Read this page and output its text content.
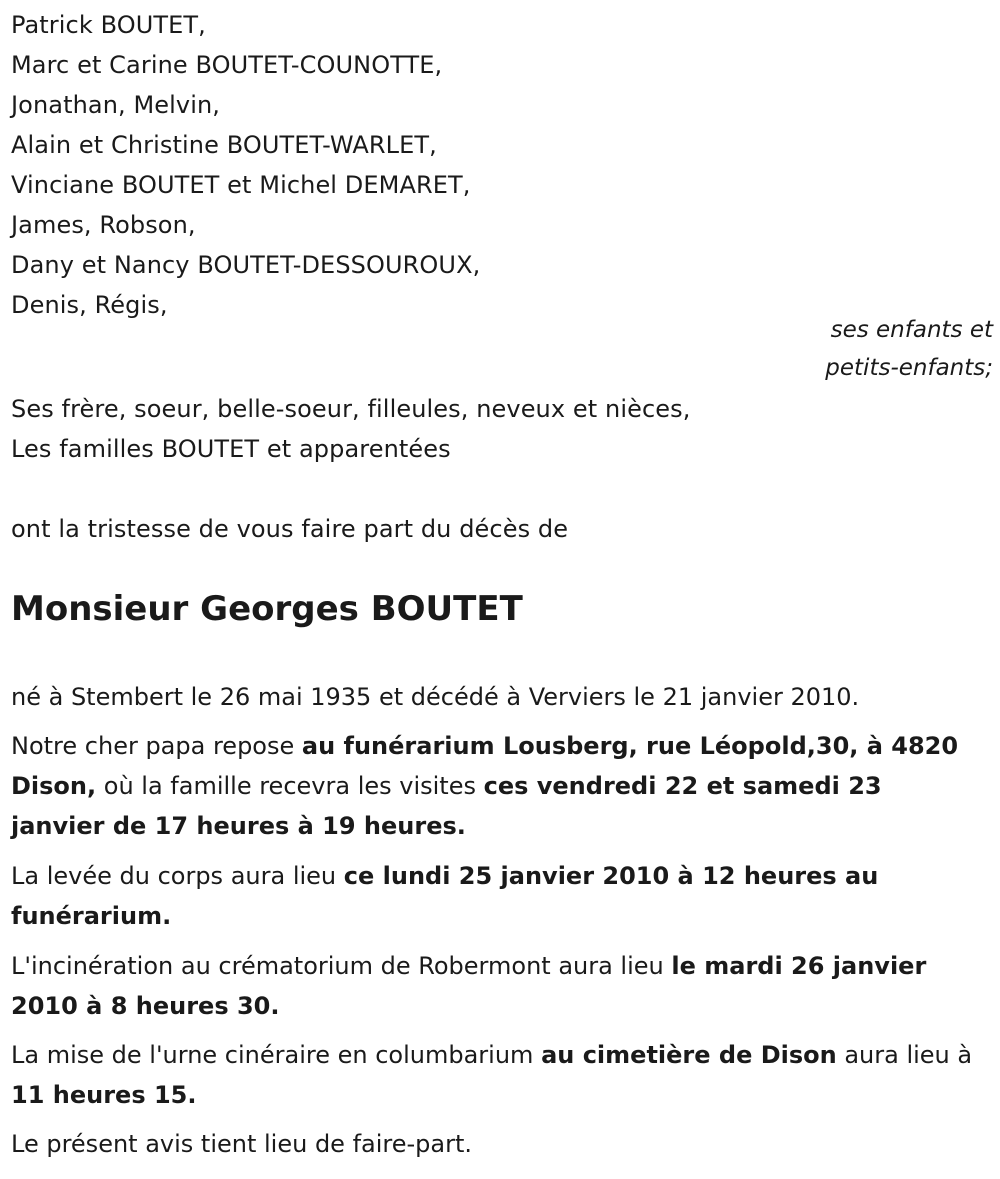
Patrick BOUTET,
Marc et Carine BOUTET-COUNOTTE,
Jonathan, Melvin,
Alain et Christine BOUTET-WARLET,
Vinciane BOUTET et Michel DEMARET,
James, Robson,
Dany et Nancy BOUTET-DESSOUROUX,
Denis, Régis,
ses enfants et
petits-enfants;
Ses frère, soeur, belle-soeur, filleules, neveux et nièces,
Les familles BOUTET et apparentées
ont la tristesse de vous faire part du décès de
Monsieur Georges BOUTET
né à Stembert le 26 mai 1935 et décédé à Verviers le 21 janvier 2010.
Notre cher papa repose au funérarium Lousberg, rue Léopold,30, à 4820 Dison, où la famille recevra les visites ces vendredi 22 et samedi 23 janvier de 17 heures à 19 heures.
La levée du corps aura lieu ce lundi 25 janvier 2010 à 12 heures au funérarium.
L'incinération au crématorium de Robermont aura lieu le mardi 26 janvier 2010 à 8 heures 30.
La mise de l'urne cinéraire en columbarium au cimetière de Dison aura lieu à 11 heures 15.
Le présent avis tient lieu de faire-part.
